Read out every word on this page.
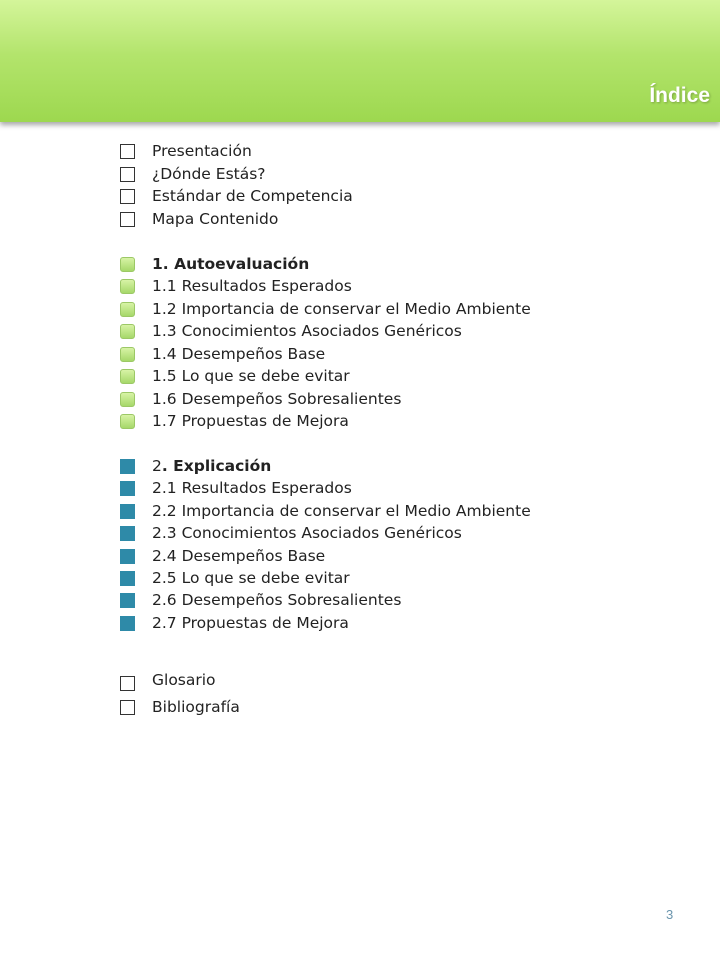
Índice
Presentación
¿Dónde Estás?
Estándar de Competencia
Mapa Contenido
1. Autoevaluación
1.1 Resultados Esperados
1.2 Importancia de conservar el Medio Ambiente
1.3 Conocimientos Asociados Genéricos
1.4 Desempeños Base
1.5 Lo que se debe evitar
1.6 Desempeños Sobresalientes
1.7 Propuestas de Mejora
2 . Explicación
2.1 Resultados Esperados
2.2 Importancia de conservar el Medio Ambiente
2.3 Conocimientos Asociados Genéricos
2.4 Desempeños Base
2.5 Lo que se debe evitar
2.6 Desempeños Sobresalientes
2.7 Propuestas de Mejora
Glosario
Bibliografía
3
